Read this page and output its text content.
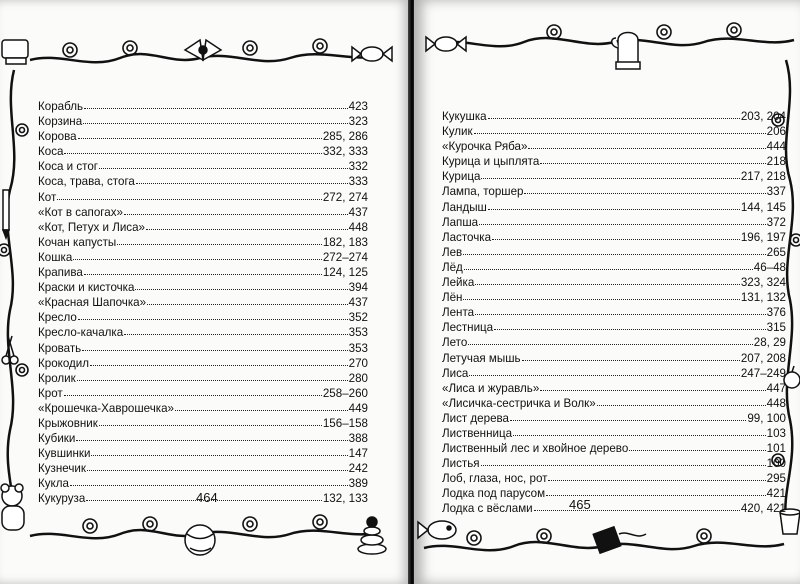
Корабль	423
Корзина	323
Корова	285, 286
Коса	332, 333
Коса и стог	332
Коса, трава, стога	333
Кот	272, 274
«Кот в сапогах»	437
«Кот, Петух и Лиса»	448
Кочан капусты	182, 183
Кошка	272–274
Крапива	124, 125
Краски и кисточка	394
«Красная Шапочка»	437
Кресло	352
Кресло-качалка	353
Кровать	353
Крокодил	270
Кролик	280
Крот	258–260
«Крошечка-Хаврошечка»	449
Крыжовник	156–158
Кубики	388
Кувшинки	147
Кузнечик	242
Кукла	389
Кукуруза	132, 133
464
Кукушка	203, 204
Кулик	206
«Курочка Ряба»	444
Курица и цыплята	218
Курица	217, 218
Лампа, торшер	337
Ландыш	144, 145
Лапша	372
Ласточка	196, 197
Лев	265
Лёд	46–48
Лейка	323, 324
Лён	131, 132
Лента	376
Лестница	315
Лето	28, 29
Летучая мышь	207, 208
Лиса	247–249
«Лиса и журавль»	447
«Лисичка-сестричка и Волк»	448
Лист дерева	99, 100
Лиственница	103
Лиственный лес и хвойное дерево	101
Листья	100
Лоб, глаза, нос, рот	295
Лодка под парусом	421
Лодка с вёслами	420, 421
465
